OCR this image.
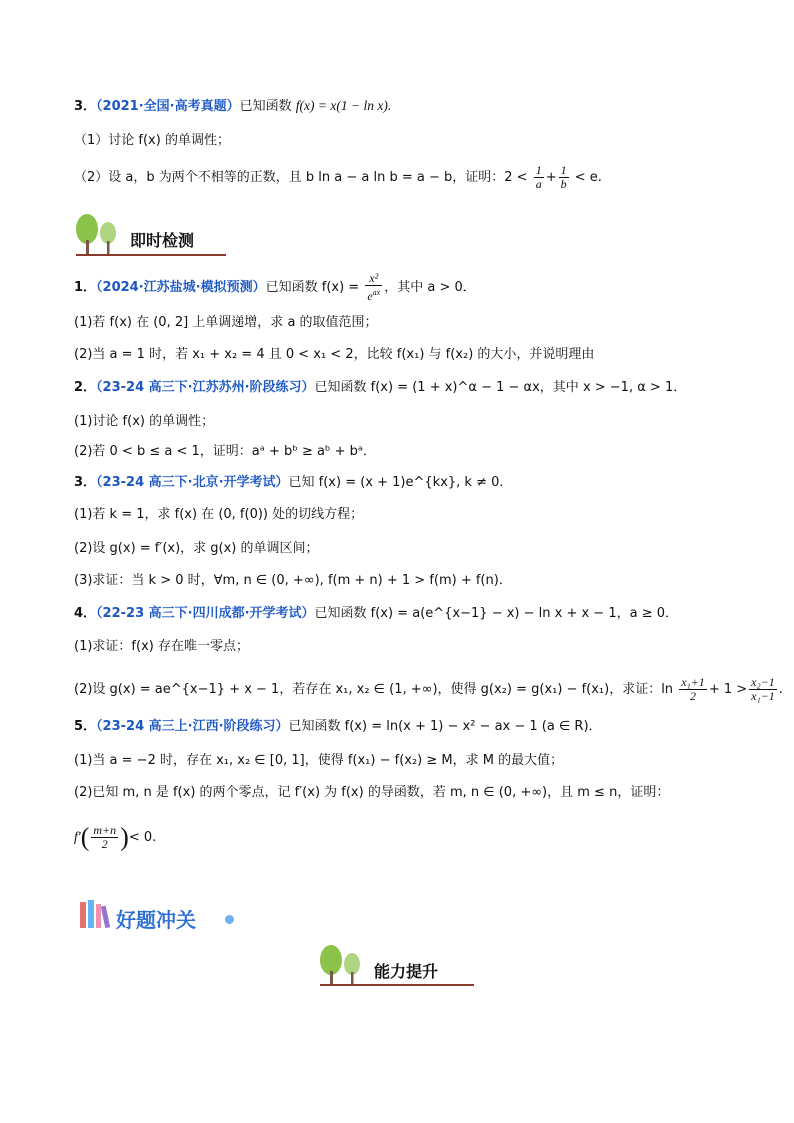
3．（2021·全国·高考真题）已知函数 f(x) = x(1 − ln x).
（1）讨论 f(x) 的单调性；
（2）设 a，b 为两个不相等的正数，且 b ln a − a ln b = a − b，证明：$2 < \frac{1}{a} + \frac{1}{b} < e$.
即时检测
1．（2024·江苏盐城·模拟预测）已知函数 $f(x) = \frac{\text{x²}}{e^{ax}}$ ，其中 a > 0．
(1)若 f(x) 在 (0, 2] 上单调递增，求 a 的取值范围；
(2)当 a = 1 时，若 x₁ + x₂ = 4 且 0 < x₁ < 2，比较 f(x₁) 与 f(x₂) 的大小，并说明理由
2．（23-24 高三下·江苏苏州·阶段练习）已知函数 f(x) = (1 + x)^α − 1 − αx，其中 x > −1, α > 1．
(1)讨论 f(x) 的单调性；
(2)若 0 < b ≤ a < 1，证明：aᵃ + bᵇ ≥ aᵇ + bᵃ．
3．（23-24 高三下·北京·开学考试）已知 f(x) = (x + 1)e^{kx}, k ≠ 0．
(1)若 k = 1，求 f(x) 在 (0, f(0)) 处的切线方程；
(2)设 g(x) = f′(x)，求 g(x) 的单调区间；
(3)求证：当 k > 0 时，∀m, n ∈ (0, +∞), f(m + n) + 1 > f(m) + f(n)．
4．（22-23 高三下·四川成都·开学考试）已知函数 f(x) = a(e^{x−1} − x) − ln x + x − 1，a ≥ 0．
(1)求证：f(x) 存在唯一零点；
(2)设 g(x) = ae^{x−1} + x − 1，若存在 x₁, x₂ ∈ (1, +∞)，使得 g(x₂) = g(x₁) − f(x₁)，求证：$\ln \frac{\text{x₁+1}}{2} + 1 > \frac{\text{x₂−1}}{\text{x₁−1}}$ .
5．（23-24 高三上·江西·阶段练习）已知函数 f(x) = ln(x + 1) − x² − ax − 1 (a ∈ R)．
(1)当 a = −2 时，存在 x₁, x₂ ∈ [0, 1]，使得 f(x₁) − f(x₂) ≥ M，求 M 的最大值；
(2)已知 m, n 是 f(x) 的两个零点，记 f′(x) 为 f(x) 的导函数，若 m, n ∈ (0, +∞)，且 m ≤ n，证明：
$f'( \frac{m+n}{2}$ )< 0.
好题冲关
能力提升
